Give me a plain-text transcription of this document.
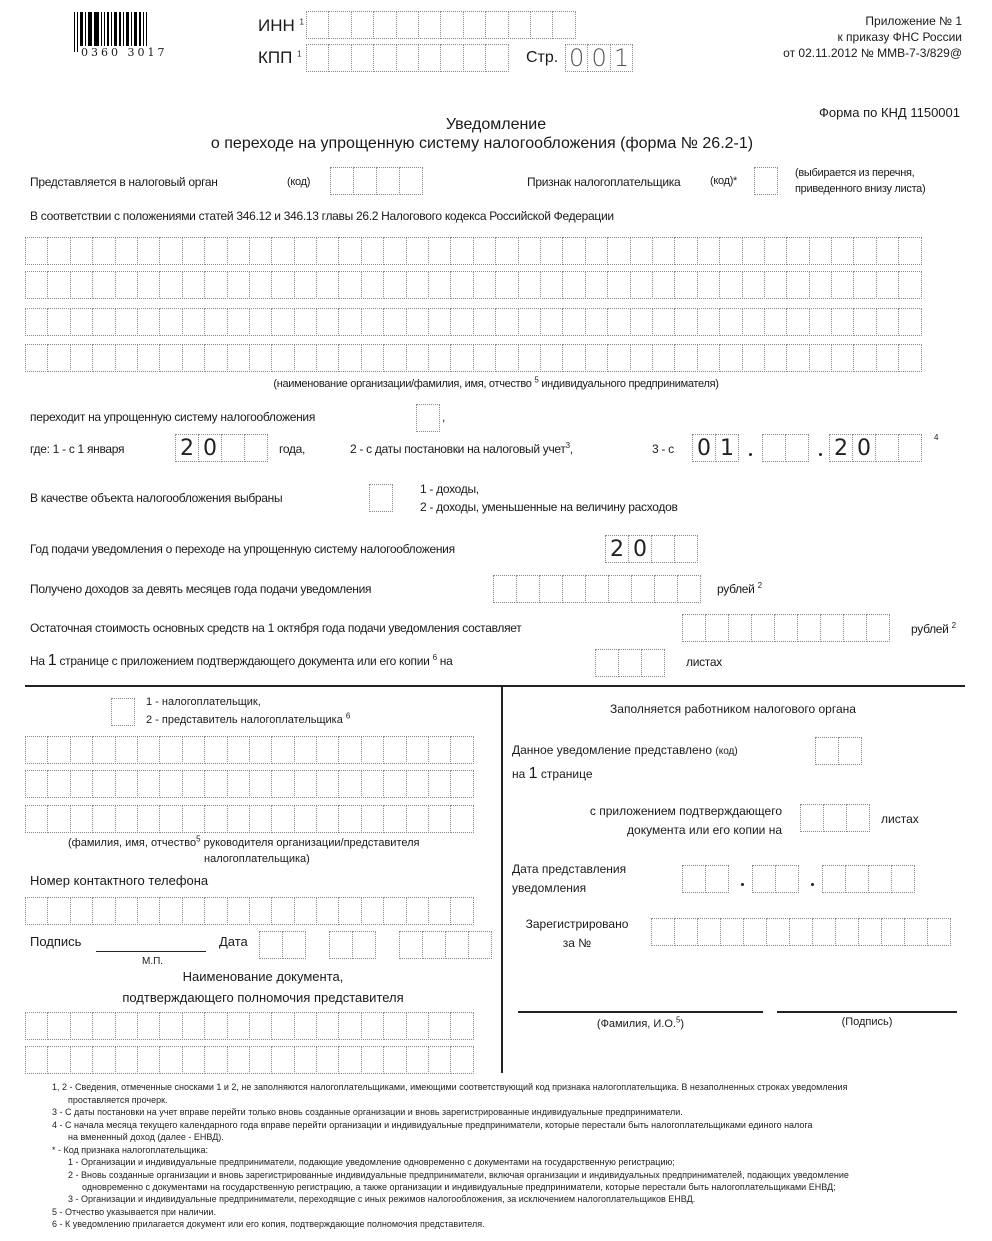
0360 3017
ИНН $^1$
КПП $^1$	Стр. 0 0 1
Приложение № 1
к приказу ФНС России
от 02.11.2012 № ММВ-7-3/829@
Форма по КНД 1150001
Уведомление
о переходе на упрощенную систему налогообложения (форма № 26.2-1)
Представляется в налоговый орган	(код)	Признак налогоплательщика	(код)*
(выбирается из перечня,
приведенного внизу листа)
В соответствии с положениями статей 346.12 и 346.13 главы 26.2 Налогового кодекса Российской Федерации
(наименование организации/фамилия, имя, отчество $^5$ индивидуального предпринимателя)
переходит на упрощенную систему налогообложения	,
где: 1 - с 1 января	2 0	года,	2 - с даты постановки на налоговый учет$^3$,	3 - с 0 1	2 0	4
В качестве объекта налогообложения выбраны
1 - доходы,
2 - доходы, уменьшенные на величину расходов
Год подачи уведомления о переходе на упрощенную систему налогообложения	2 0
Получено доходов за девять месяцев года подачи уведомления	рублей $^2$
Остаточная стоимость основных средств на 1 октября года подачи уведомления составляет	рублей $^2$
На 1 странице с приложением подтверждающего документа или его копии $^6$ на	листах
1 - налогоплательщик,
2 - представитель налогоплательщика $^6$
(фамилия, имя, отчество$^5$ руководителя организации/представителя
налогоплательщика)
Номер контактного телефона
Подпись
М.П.
Дата
Наименование документа,
подтверждающего полномочия представителя
Заполняется работником налогового органа
Данное уведомление представлено (код)
на 1 странице
с приложением подтверждающего
документа или его копии на
листах
Дата представления
уведомления
Зарегистрировано
за №
(Фамилия, И.О.$^5$)	(Подпись)
1, 2 - Сведения, отмеченные сносками 1 и 2, не заполняются налогоплательщиками, имеющими соответствующий код признака налогоплательщика. В незаполненных строках уведомления
проставляется прочерк.
3 - С даты постановки на учет вправе перейти только вновь созданные организации и вновь зарегистрированные индивидуальные предприниматели.
4 - С начала месяца текущего календарного года вправе перейти организации и индивидуальные предприниматели, которые перестали быть налогоплательщиками единого налога
на вмененный доход (далее - ЕНВД).
* - Код признака налогоплательщика:
1 - Организации и индивидуальные предприниматели, подающие уведомление одновременно с документами на государственную регистрацию;
2 - Вновь созданные организации и вновь зарегистрированные индивидуальные предприниматели, включая организации и индивидуальных предпринимателей, подающих уведомление
одновременно с документами на государственную регистрацию, а также организации и индивидуальные предприниматели, которые перестали быть налогоплательщиками ЕНВД;
3 - Организации и индивидуальные предприниматели, переходящие с иных режимов налогообложения, за исключением налогоплательщиков ЕНВД.
5 - Отчество указывается при наличии.
6 - К уведомлению прилагается документ или его копия, подтверждающие полномочия представителя.
